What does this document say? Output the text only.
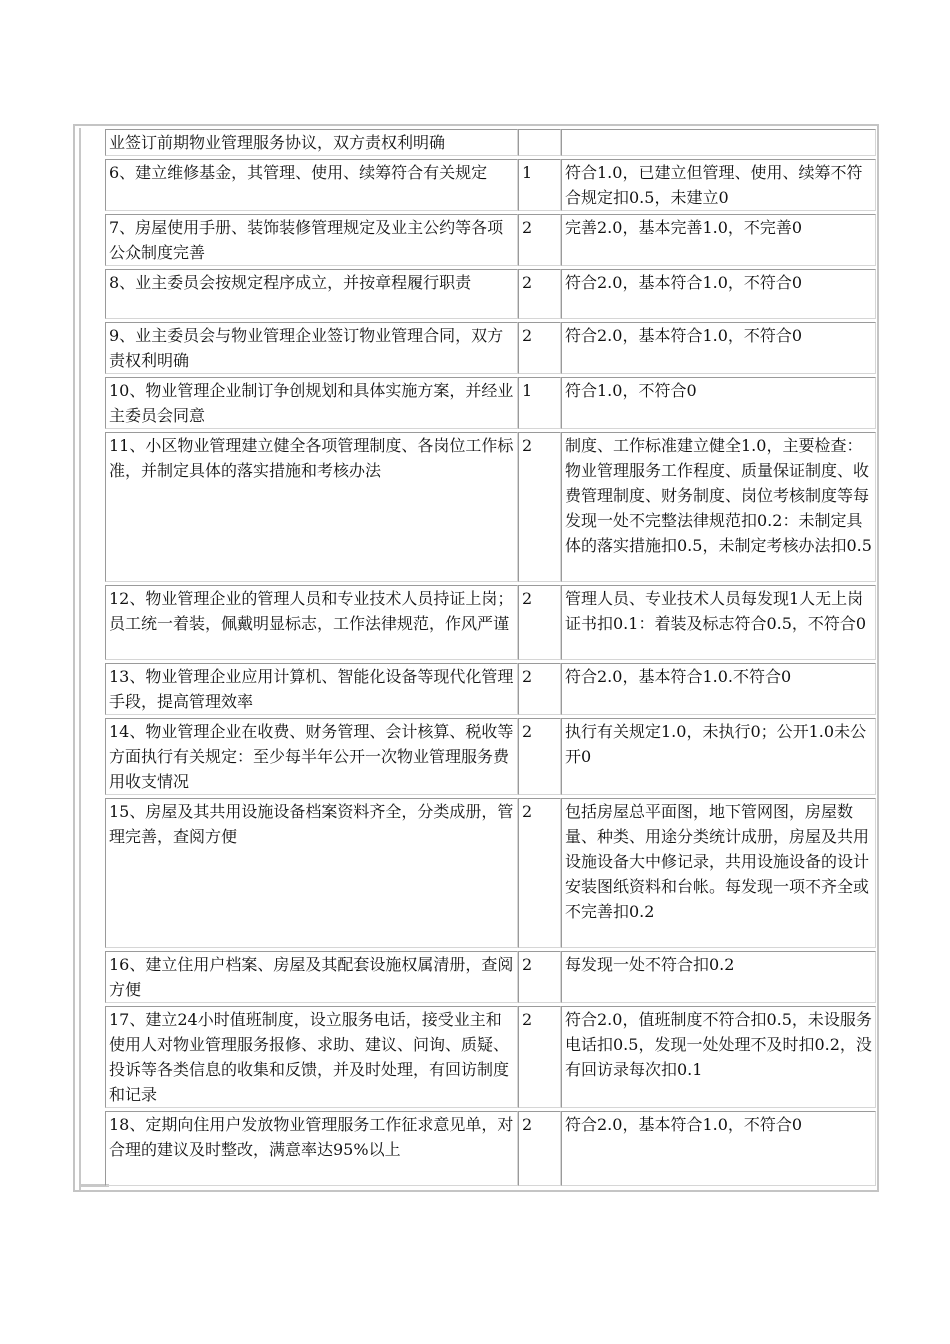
业签订前期物业管理服务协议，双方责权利明确		
6、建立维修基金，其管理、使用、续筹符合有关规定	1	符合1.0，已建立但管理、使用、续筹不符合规定扣0.5，未建立0
7、房屋使用手册、装饰装修管理规定及业主公约等各项公众制度完善	2	完善2.0，基本完善1.0，不完善0
8、业主委员会按规定程序成立，并按章程履行职责	2	符合2.0，基本符合1.0，不符合0
9、业主委员会与物业管理企业签订物业管理合同，双方责权利明确	2	符合2.0，基本符合1.0，不符合0
10、物业管理企业制订争创规划和具体实施方案，并经业主委员会同意	1	符合1.0，不符合0
11、小区物业管理建立健全各项管理制度、各岗位工作标准，并制定具体的落实措施和考核办法	2	制度、工作标准建立健全1.0，主要检查：物业管理服务工作程度、质量保证制度、收费管理制度、财务制度、岗位考核制度等每发现一处不完整法律规范扣0.2：未制定具体的落实措施扣0.5，未制定考核办法扣0.5
12、物业管理企业的管理人员和专业技术人员持证上岗；员工统一着装，佩戴明显标志，工作法律规范，作风严谨	2	管理人员、专业技术人员每发现1人无上岗证书扣0.1：着装及标志符合0.5，不符合0
13、物业管理企业应用计算机、智能化设备等现代化管理手段，提高管理效率	2	符合2.0，基本符合1.0.不符合0
14、物业管理企业在收费、财务管理、会计核算、税收等方面执行有关规定：至少每半年公开一次物业管理服务费用收支情况	2	执行有关规定1.0，未执行0；公开1.0未公开0
15、房屋及其共用设施设备档案资料齐全，分类成册，管理完善，查阅方便	2	包括房屋总平面图，地下管网图，房屋数量、种类、用途分类统计成册，房屋及共用设施设备大中修记录，共用设施设备的设计安装图纸资料和台帐。每发现一项不齐全或不完善扣0.2
16、建立住用户档案、房屋及其配套设施权属清册，查阅方便	2	每发现一处不符合扣0.2
17、建立24小时值班制度，设立服务电话，接受业主和使用人对物业管理服务报修、求助、建议、问询、质疑、投诉等各类信息的收集和反馈，并及时处理，有回访制度和记录	2	符合2.0，值班制度不符合扣0.5，未设服务电话扣0.5，发现一处处理不及时扣0.2，没有回访录每次扣0.1
18、定期向住用户发放物业管理服务工作征求意见单，对合理的建议及时整改，满意率达95%以上	2	符合2.0，基本符合1.0，不符合0
